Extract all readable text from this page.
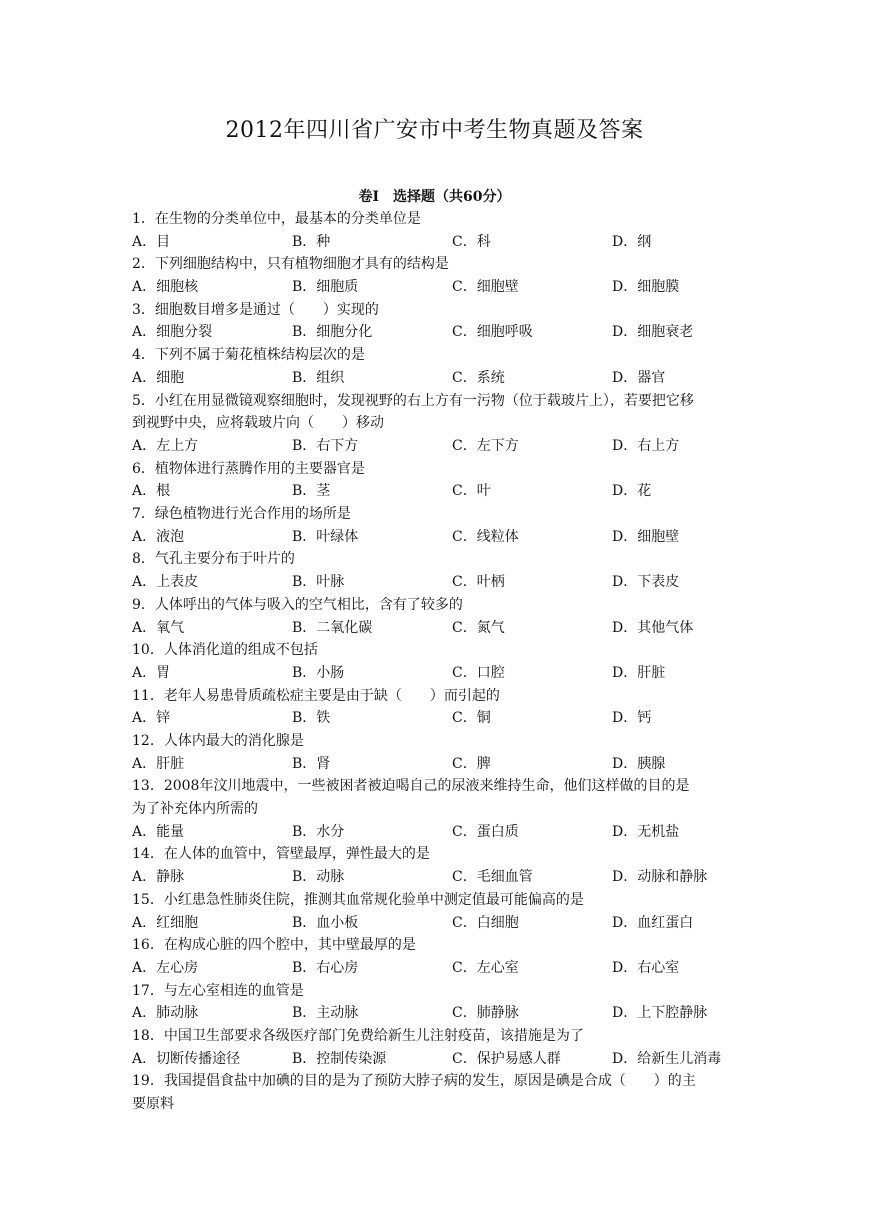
2012年四川省广安市中考生物真题及答案
卷Ⅰ　选择题（共60分）
1．在生物的分类单位中，最基本的分类单位是
A．目	B．种	C．科	D．纲
2．下列细胞结构中，只有植物细胞才具有的结构是
A．细胞核	B．细胞质	C．细胞壁	D．细胞膜
3．细胞数目增多是通过（　　）实现的
A．细胞分裂	B．细胞分化	C．细胞呼吸	D．细胞衰老
4．下列不属于菊花植株结构层次的是
A．细胞	B．组织	C．系统	D．器官
5．小红在用显微镜观察细胞时，发现视野的右上方有一污物（位于载玻片上），若要把它移
到视野中央，应将载玻片向（　　）移动
A．左上方	B．右下方	C．左下方	D．右上方
6．植物体进行蒸腾作用的主要器官是
A．根	B．茎	C．叶	D．花
7．绿色植物进行光合作用的场所是
A．液泡	B．叶绿体	C．线粒体	D．细胞壁
8．气孔主要分布于叶片的
A．上表皮	B．叶脉	C．叶柄	D．下表皮
9．人体呼出的气体与吸入的空气相比，含有了较多的
A．氧气	B．二氧化碳	C．氮气	D．其他气体
10．人体消化道的组成不包括
A．胃	B．小肠	C．口腔	D．肝脏
11．老年人易患骨质疏松症主要是由于缺（　　）而引起的
A．锌	B．铁	C．铜	D．钙
12．人体内最大的消化腺是
A．肝脏	B．肾	C．脾	D．胰腺
13．2008年汶川地震中，一些被困者被迫喝自己的尿液来维持生命，他们这样做的目的是
为了补充体内所需的
A．能量	B．水分	C．蛋白质	D．无机盐
14．在人体的血管中，管壁最厚，弹性最大的是
A．静脉	B．动脉	C．毛细血管	D．动脉和静脉
15．小红患急性肺炎住院，推测其血常规化验单中测定值最可能偏高的是
A．红细胞	B．血小板	C．白细胞	D．血红蛋白
16．在构成心脏的四个腔中，其中壁最厚的是
A．左心房	B．右心房	C．左心室	D．右心室
17．与左心室相连的血管是
A．肺动脉	B．主动脉	C．肺静脉	D．上下腔静脉
18．中国卫生部要求各级医疗部门免费给新生儿注射疫苗，该措施是为了
A．切断传播途径	B．控制传染源	C．保护易感人群	D．给新生儿消毒
19．我国提倡食盐中加碘的目的是为了预防大脖子病的发生，原因是碘是合成（　　）的主
要原料
